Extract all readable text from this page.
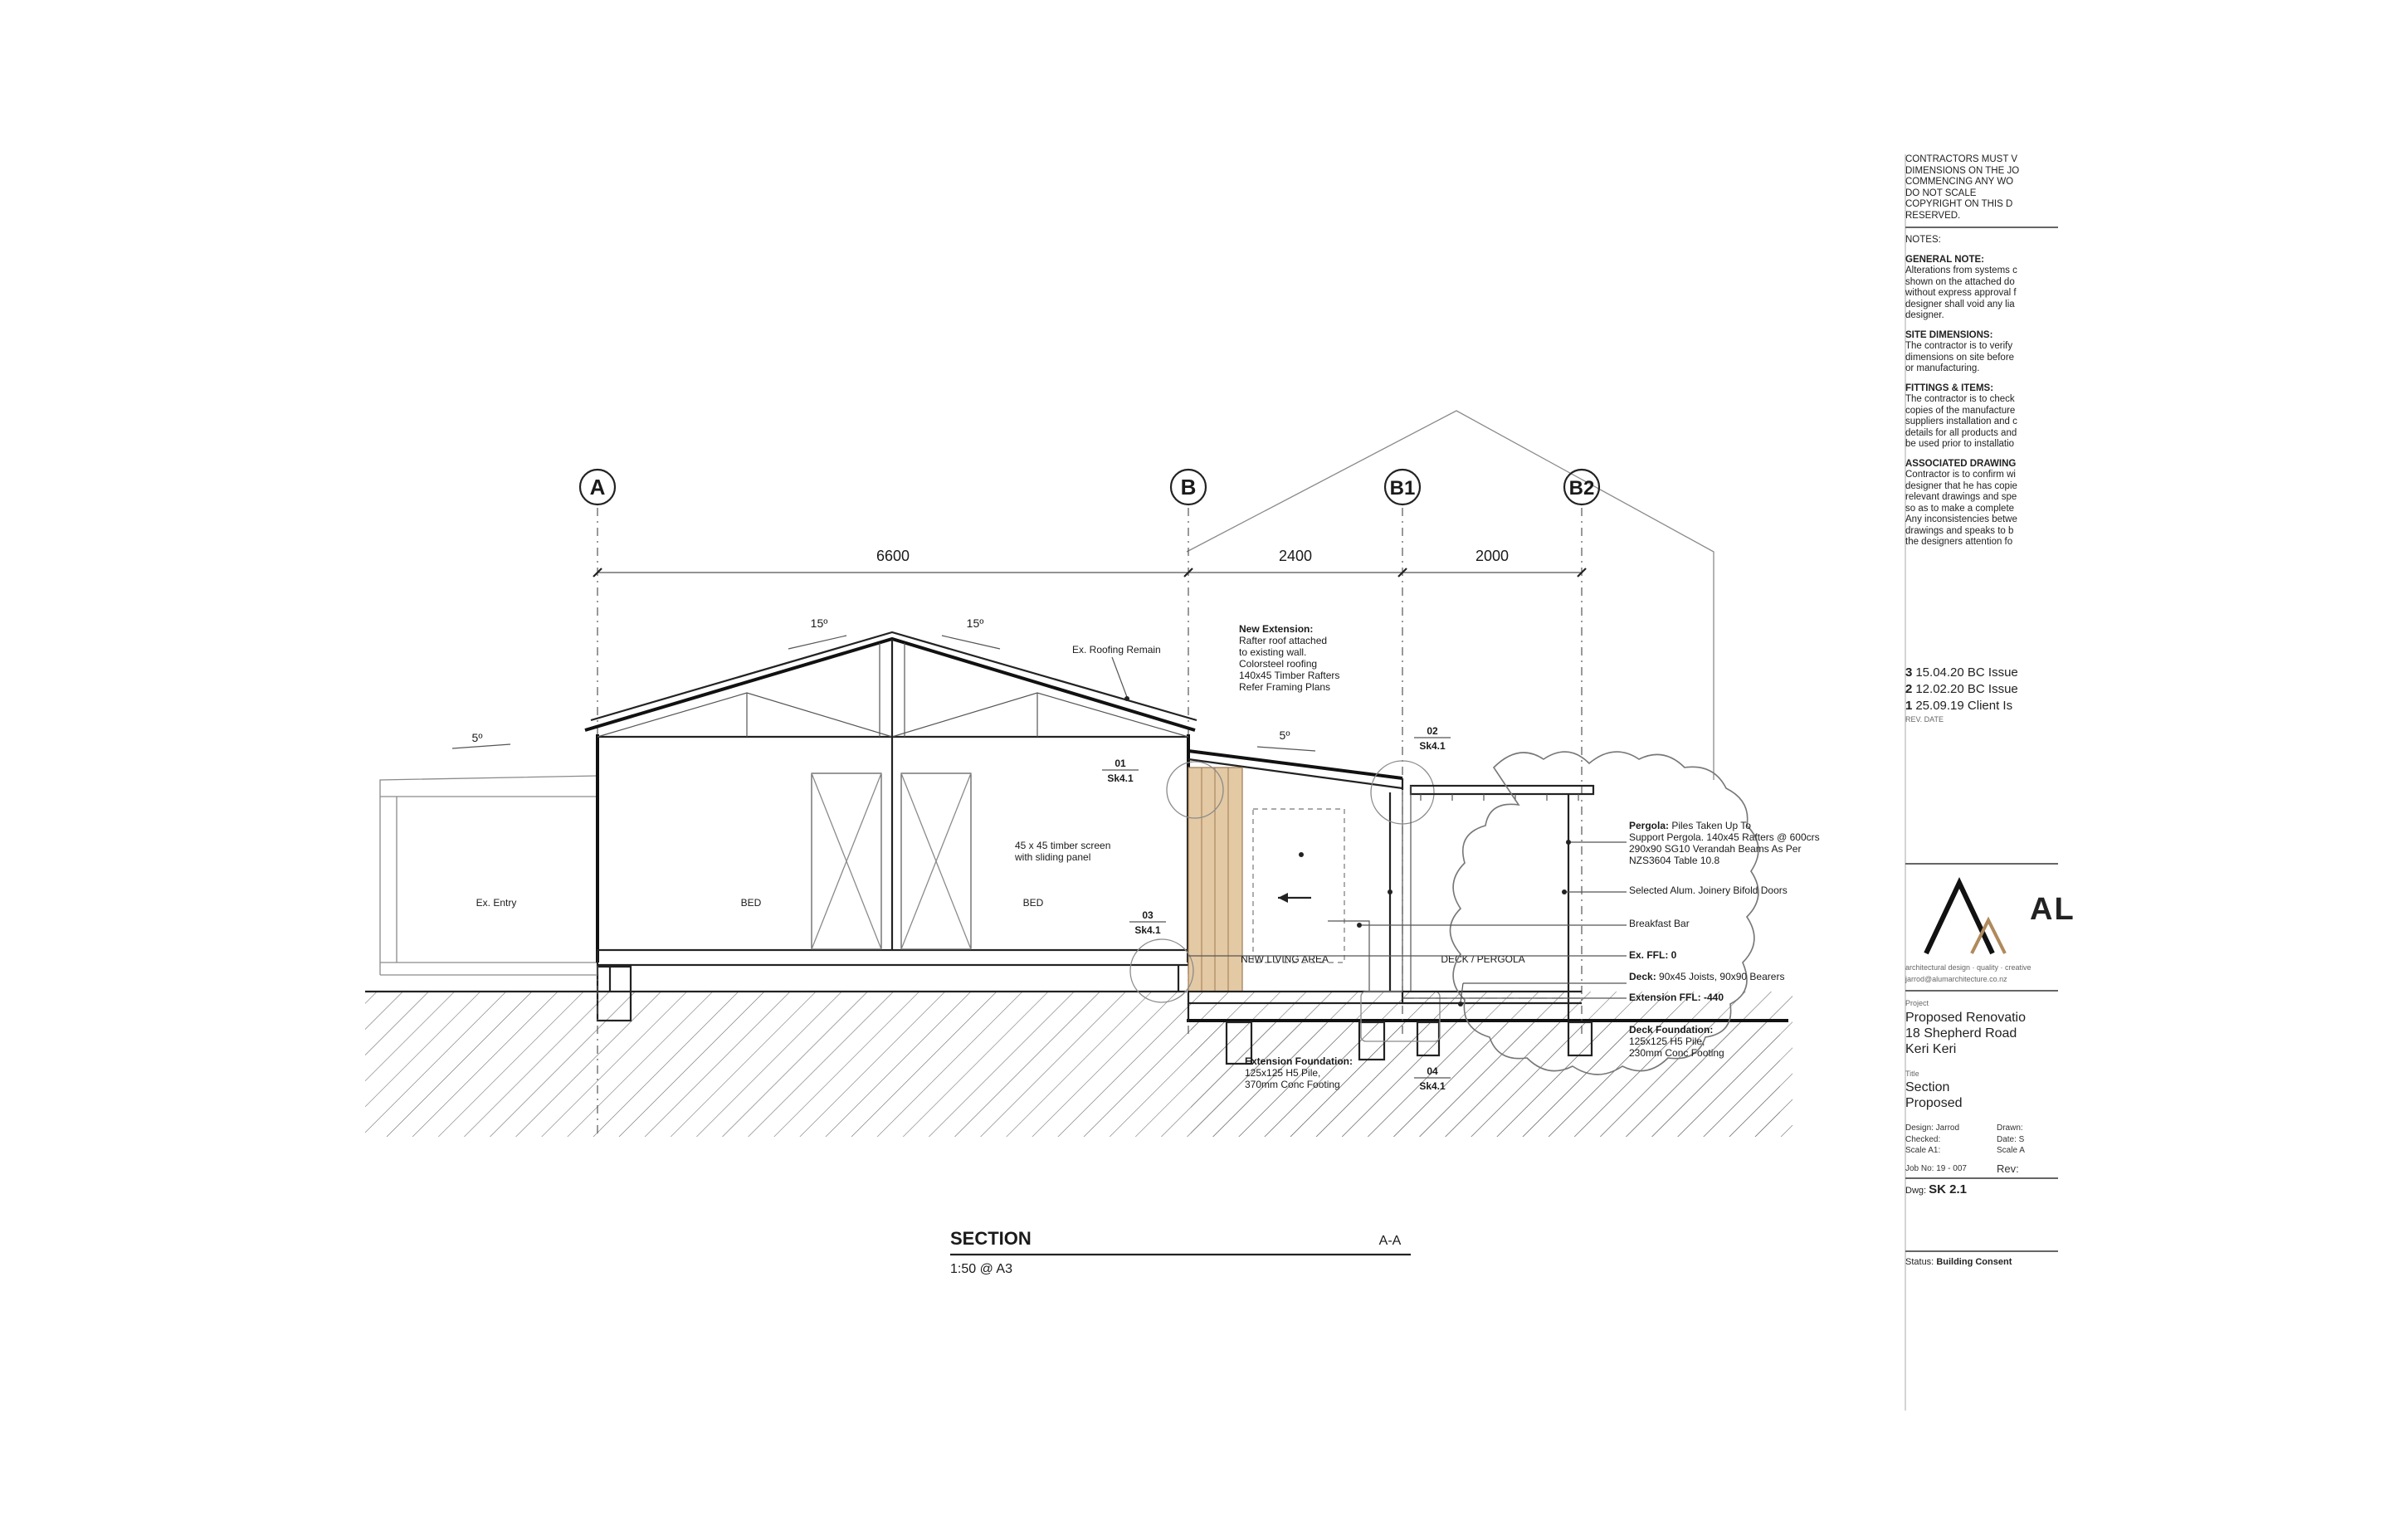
A	B	B1	B2
6600	2400	2000
5º
Ex. Entry
15º	15º
Ex. Roofing Remain
BED	BED
5º
NEW LIVING AREA
New Extension:
Rafter roof attached
to existing wall.
Colorsteel roofing
140x45 Timber Rafters
Refer Framing Plans
45 x 45 timber screen
with sliding panel
01
Sk4.1
03
Sk4.1
02
Sk4.1
04
Sk4.1
Extension Foundation:
125x125 H5 Pile,
370mm Conc Footing
DECK / PERGOLA
Pergola: Piles Taken Up To
Support Pergola. 140x45 Rafters @ 600crs
290x90 SG10 Verandah Beams As Per
NZS3604 Table 10.8
Selected Alum. Joinery Bifold Doors
Breakfast Bar
Ex. FFL: 0
Deck: 90x45 Joists, 90x90 Bearers
Extension FFL: -440
Deck Foundation:
125x125 H5 Pile,
230mm Conc Footing
SECTION	A-A
1:50 @ A3

CONTRACTORS MUST V

DIMENSIONS ON THE JO

COMMENCING ANY WO

DO NOT SCALE

COPYRIGHT ON THIS D

RESERVED.

NOTES:

GENERAL NOTE:

Alterations from systems c

shown on the attached do

without express approval f

designer shall void any lia

designer.

SITE DIMENSIONS:

The contractor is to verify

dimensions on site before

or manufacturing.

FITTINGS & ITEMS:

The contractor is to check

copies of the manufacture

suppliers installation and c

details for all products and

be used prior to installatio

ASSOCIATED DRAWING

Contractor is to confirm wi

designer that he has copie

relevant drawings and spe

so as to make a complete

Any inconsistencies betwe

drawings and speaks to b

the designers attention fo

3 15.04.20 BC Issue

2 12.02.20 BC Issue

1 25.09.19 Client Is

REV. DATE

AL

architectural design · quality · creative

jarrod@alumarchitecture.co.nz

Project

Proposed Renovatio

18 Shepherd Road

Keri Keri

Title

Section

Proposed

Design: Jarrod

Checked:

Scale A1:

Drawn:

Date: S

Scale A

Job No: 19 - 007	Rev:

Dwg: SK 2.1

Status: Building Consent
